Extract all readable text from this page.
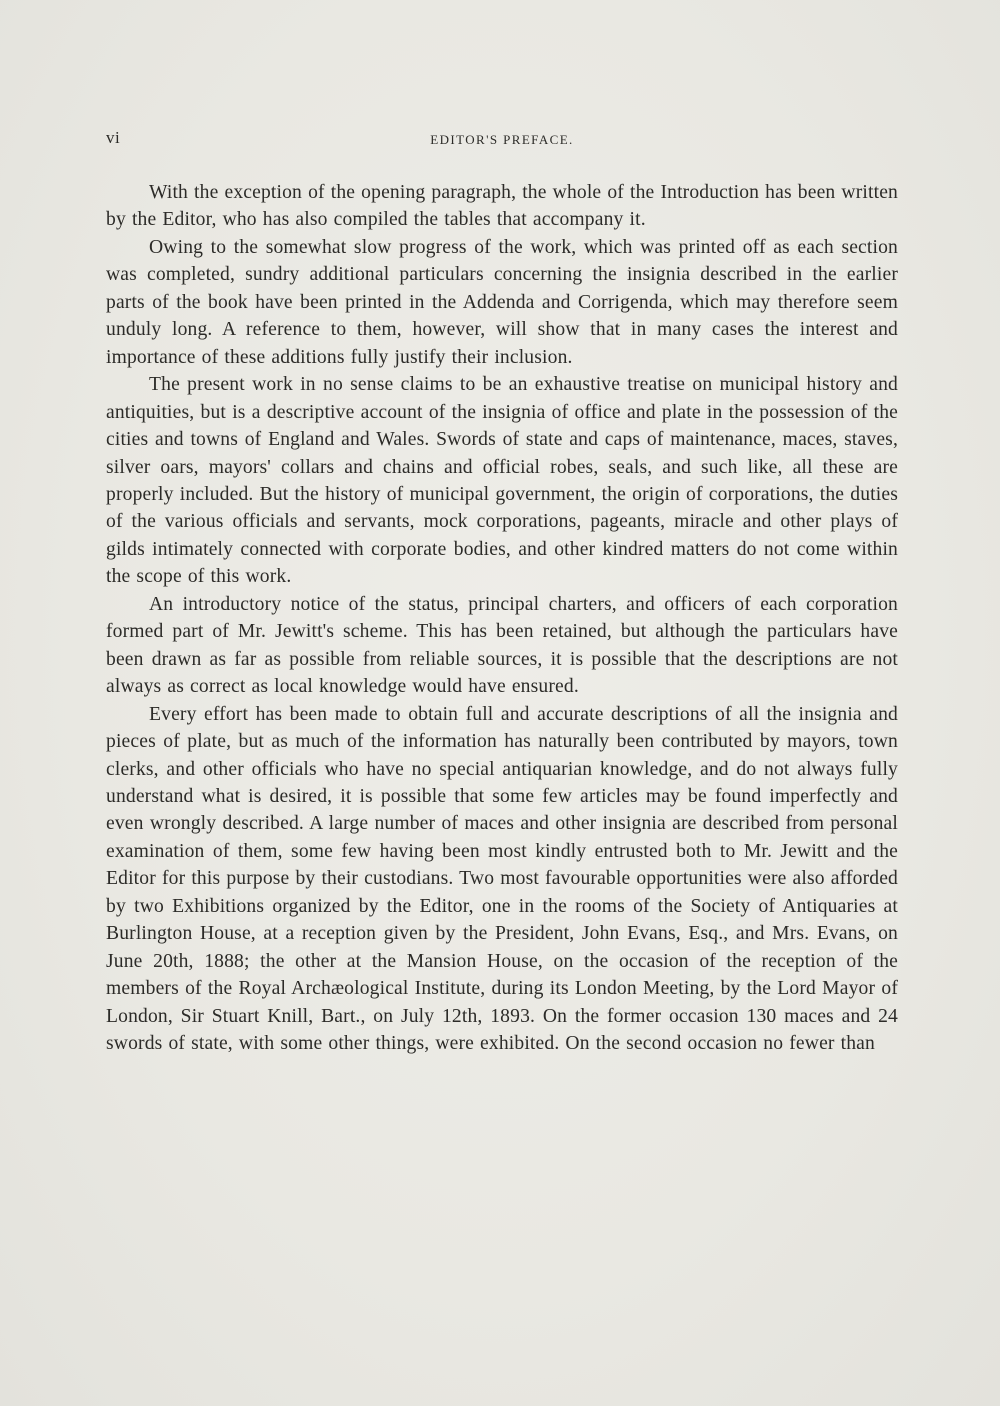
vi	EDITOR'S PREFACE.

With the exception of the opening paragraph, the whole of the Introduction has been written by the Editor, who has also compiled the tables that accompany it.

Owing to the somewhat slow progress of the work, which was printed off as each section was completed, sundry additional particulars concerning the insignia described in the earlier parts of the book have been printed in the Addenda and Corrigenda, which may therefore seem unduly long. A reference to them, however, will show that in many cases the interest and importance of these additions fully justify their inclusion.

The present work in no sense claims to be an exhaustive treatise on municipal history and antiquities, but is a descriptive account of the insignia of office and plate in the possession of the cities and towns of England and Wales. Swords of state and caps of maintenance, maces, staves, silver oars, mayors' collars and chains and official robes, seals, and such like, all these are properly included. But the history of municipal government, the origin of corporations, the duties of the various officials and servants, mock corporations, pageants, miracle and other plays of gilds intimately connected with corporate bodies, and other kindred matters do not come within the scope of this work.

An introductory notice of the status, principal charters, and officers of each corporation formed part of Mr. Jewitt's scheme. This has been retained, but although the particulars have been drawn as far as possible from reliable sources, it is possible that the descriptions are not always as correct as local knowledge would have ensured.

Every effort has been made to obtain full and accurate descriptions of all the insignia and pieces of plate, but as much of the information has naturally been contributed by mayors, town clerks, and other officials who have no special antiquarian knowledge, and do not always fully understand what is desired, it is possible that some few articles may be found imperfectly and even wrongly described. A large number of maces and other insignia are described from personal examination of them, some few having been most kindly entrusted both to Mr. Jewitt and the Editor for this purpose by their custodians. Two most favourable opportunities were also afforded by two Exhibitions organized by the Editor, one in the rooms of the Society of Antiquaries at Burlington House, at a reception given by the President, John Evans, Esq., and Mrs. Evans, on June 20th, 1888; the other at the Mansion House, on the occasion of the reception of the members of the Royal Archæological Institute, during its London Meeting, by the Lord Mayor of London, Sir Stuart Knill, Bart., on July 12th, 1893. On the former occasion 130 maces and 24 swords of state, with some other things, were exhibited. On the second occasion no fewer than
